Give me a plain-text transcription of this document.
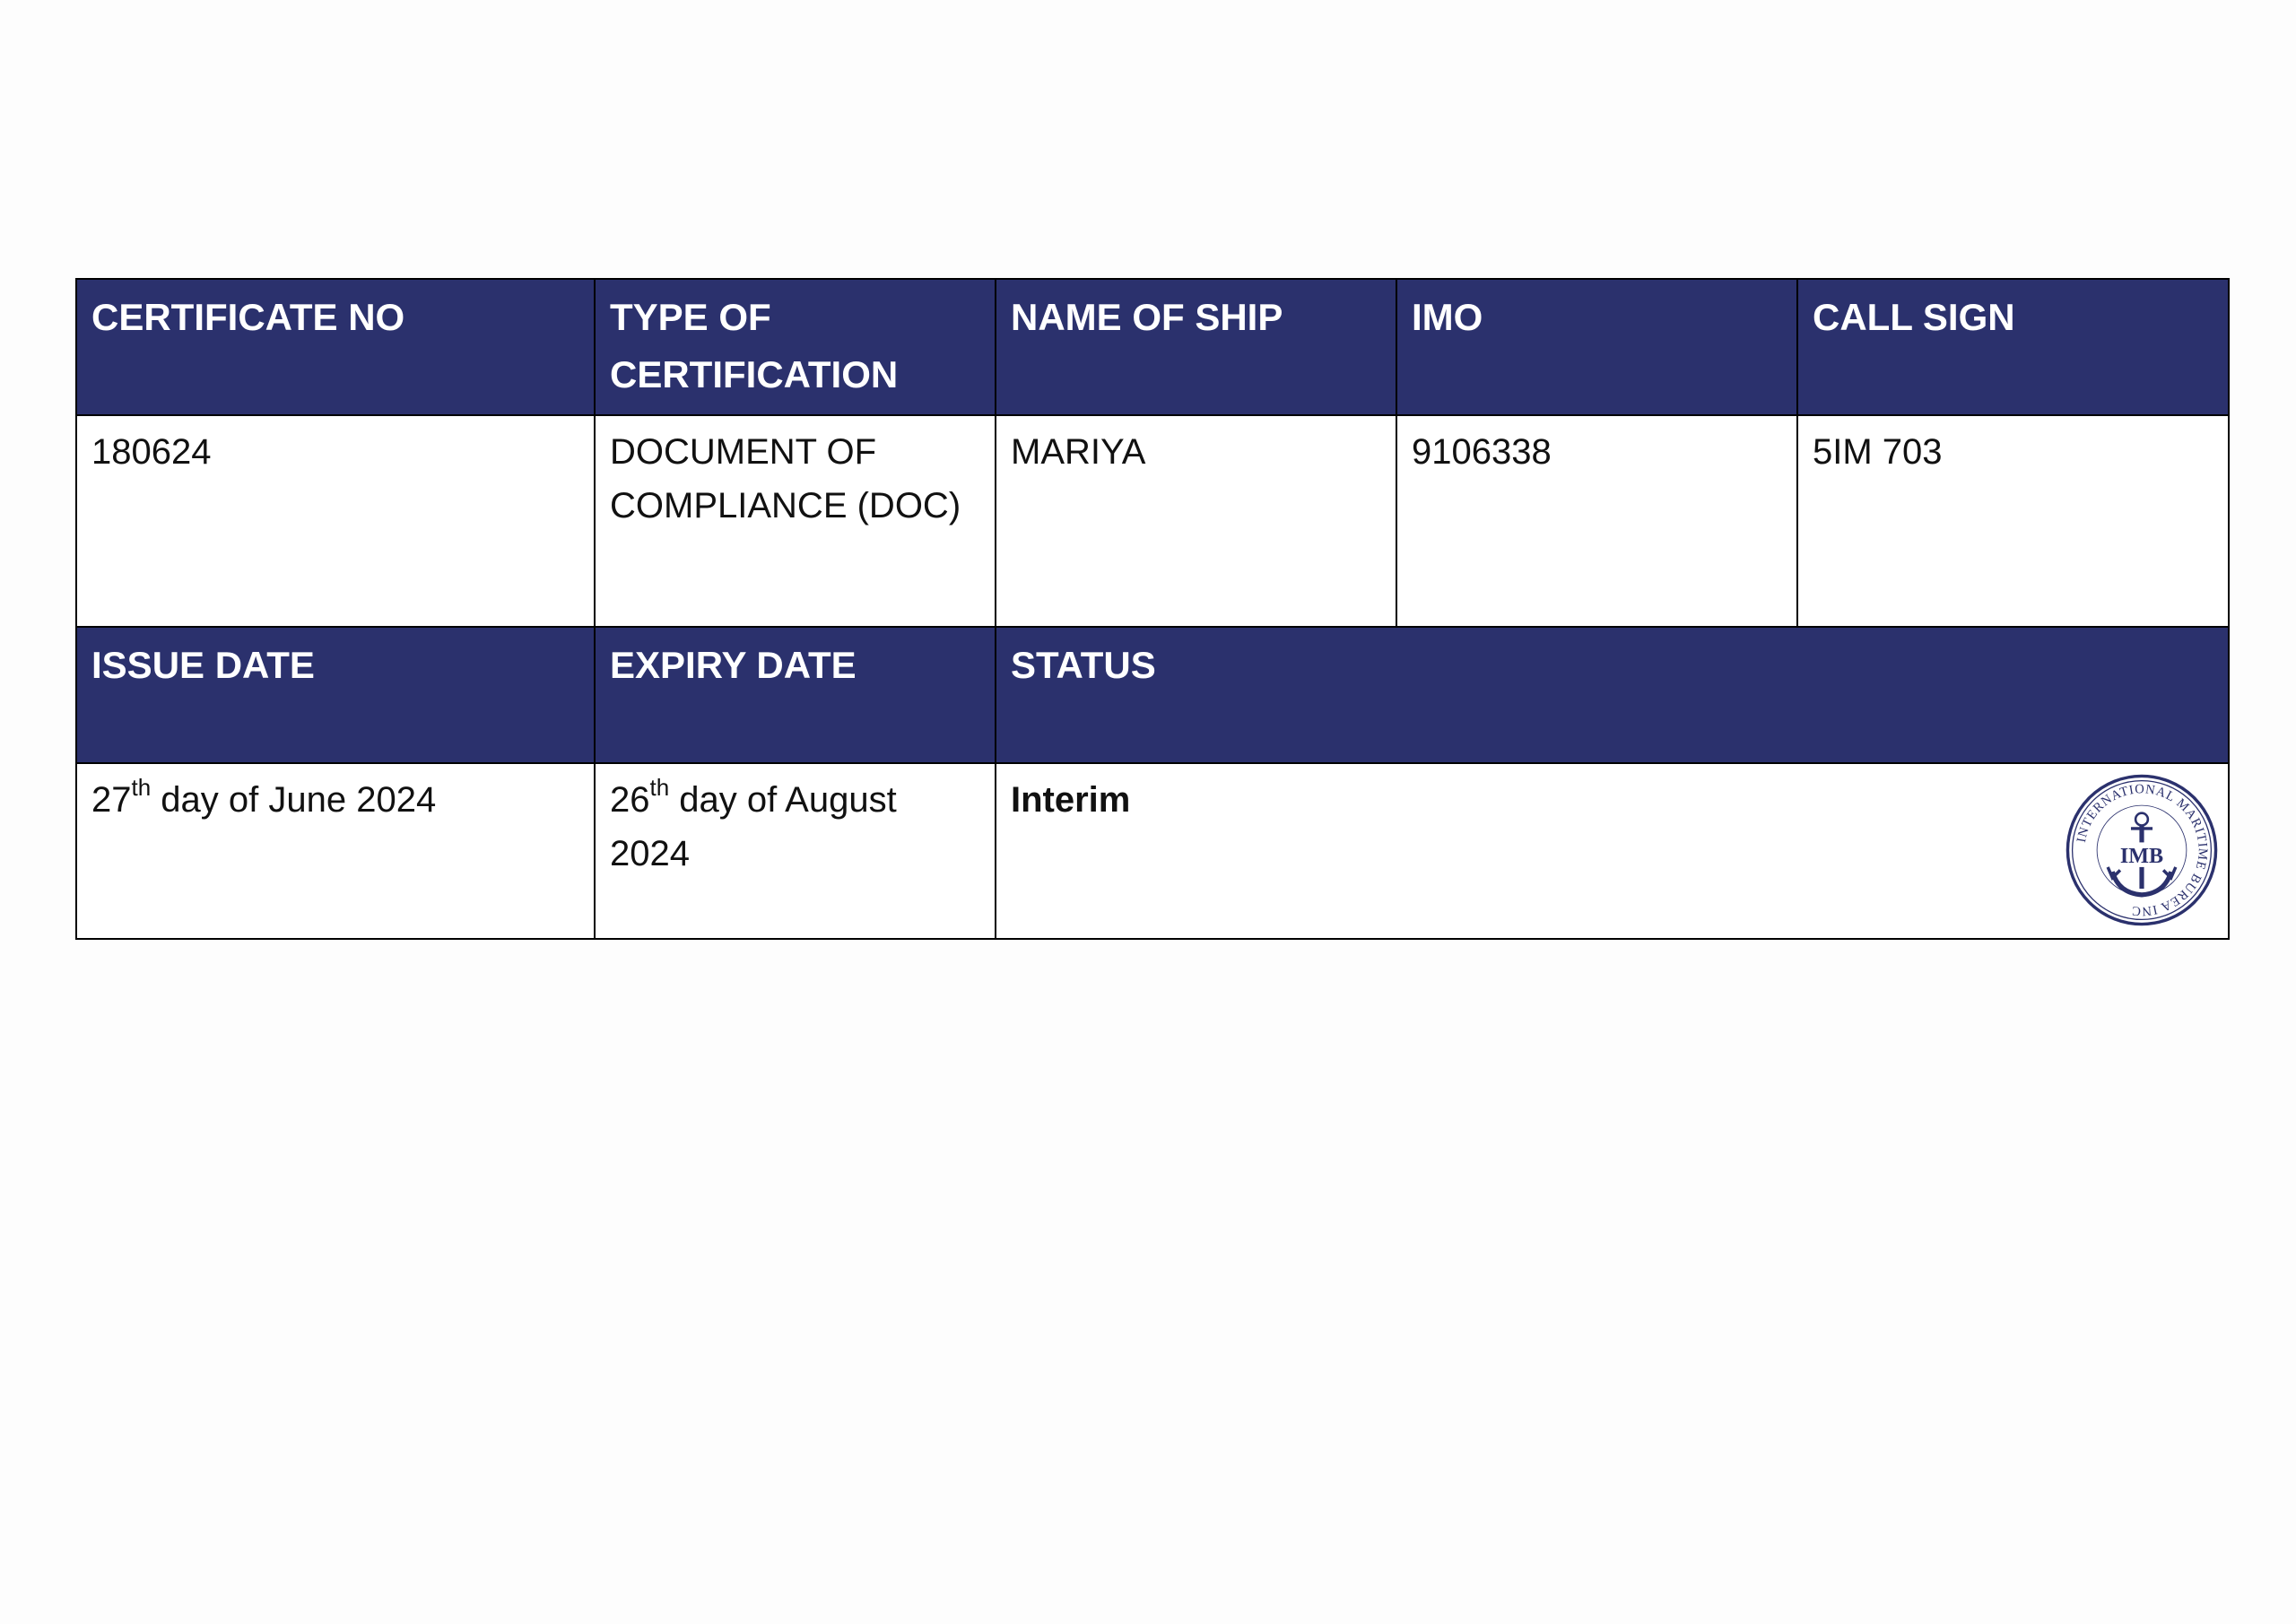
CERTIFICATE NO	TYPE OF CERTIFICATION	NAME OF SHIP	IMO	CALL SIGN
180624	DOCUMENT OF COMPLIANCE (DOC)	MARIYA	9106338	5IM 703
ISSUE DATE	EXPIRY DATE	STATUS		
27th day of June 2024	26th day of August 2024	Interim
INTERNATIONAL MARITIME BUREA INC
IMB		
